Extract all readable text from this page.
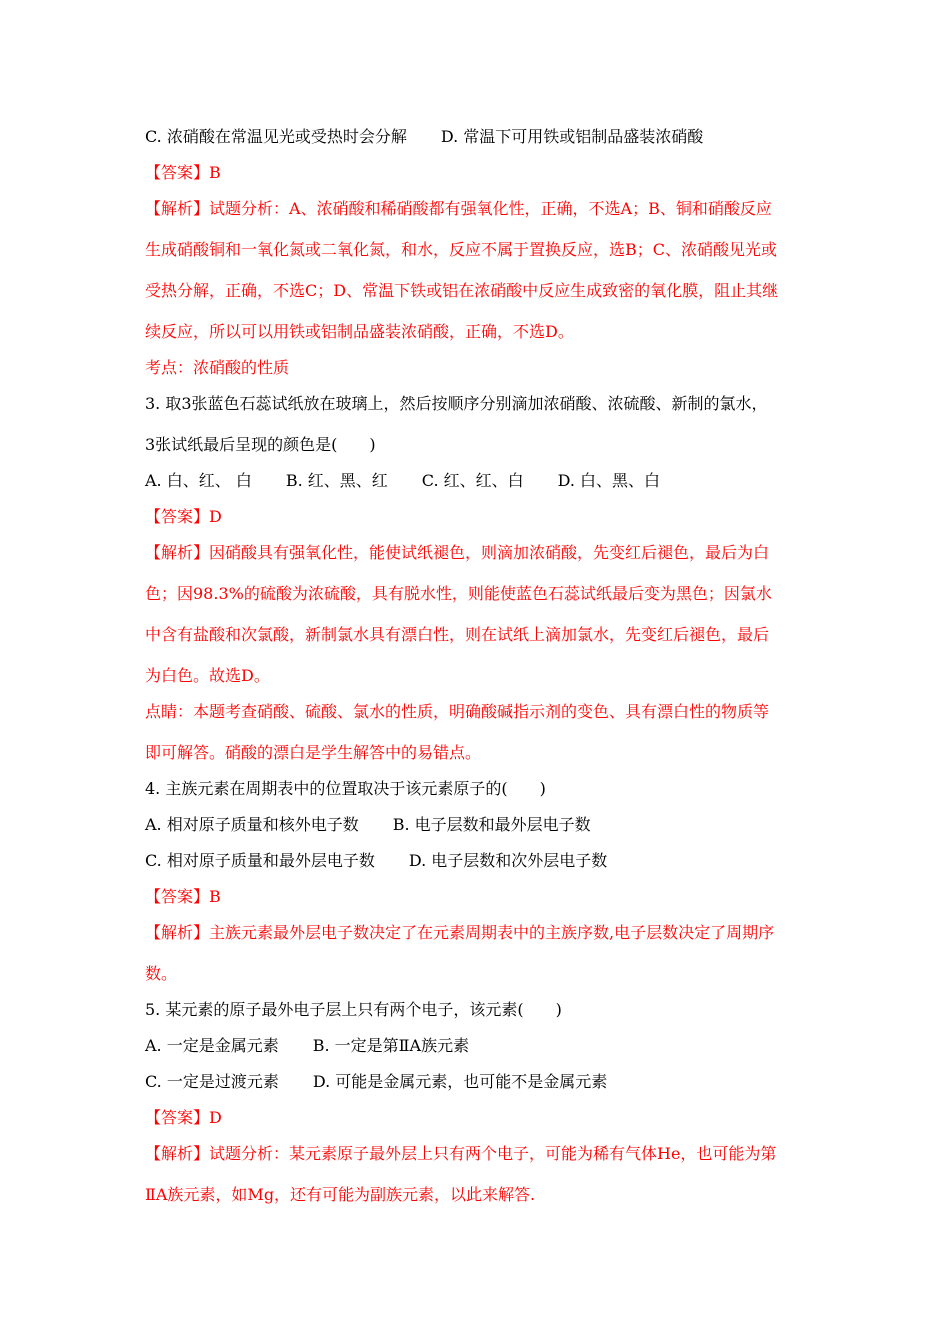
C. 浓硝酸在常温见光或受热时会分解 D. 常温下可用铁或铝制品盛装浓硝酸
【答案】B
【解析】试题分析：A、浓硝酸和稀硝酸都有强氧化性，正确，不选A；B、铜和硝酸反应
生成硝酸铜和一氧化氮或二氧化氮，和水，反应不属于置换反应，选B；C、浓硝酸见光或
受热分解，正确，不选C；D、常温下铁或铝在浓硝酸中反应生成致密的氧化膜，阻止其继
续反应，所以可以用铁或铝制品盛装浓硝酸，正确，不选D。
考点：浓硝酸的性质
3. 取3张蓝色石蕊试纸放在玻璃上，然后按顺序分别滴加浓硝酸、浓硫酸、新制的氯水，
3张试纸最后呈现的颜色是(　　)
A. 白、红、 白 B. 红、黑、红 C. 红、红、白 D. 白、黑、白
【答案】D
【解析】因硝酸具有强氧化性，能使试纸褪色，则滴加浓硝酸，先变红后褪色，最后为白
色；因98.3%的硫酸为浓硫酸，具有脱水性，则能使蓝色石蕊试纸最后变为黑色；因氯水
中含有盐酸和次氯酸，新制氯水具有漂白性，则在试纸上滴加氯水，先变红后褪色，最后
为白色。故选D。
点睛：本题考查硝酸、硫酸、氯水的性质，明确酸碱指示剂的变色、具有漂白性的物质等
即可解答。硝酸的漂白是学生解答中的易错点。
4. 主族元素在周期表中的位置取决于该元素原子的(　　)
A. 相对原子质量和核外电子数 B. 电子层数和最外层电子数
C. 相对原子质量和最外层电子数 D. 电子层数和次外层电子数
【答案】B
【解析】主族元素最外层电子数决定了在元素周期表中的主族序数,电子层数决定了周期序
数。
5. 某元素的原子最外电子层上只有两个电子，该元素(　　)
A. 一定是金属元素 B. 一定是第ⅡA族元素
C. 一定是过渡元素 D. 可能是金属元素，也可能不是金属元素
【答案】D
【解析】试题分析：某元素原子最外层上只有两个电子，可能为稀有气体He，也可能为第
ⅡA族元素，如Mg，还有可能为副族元素，以此来解答.
